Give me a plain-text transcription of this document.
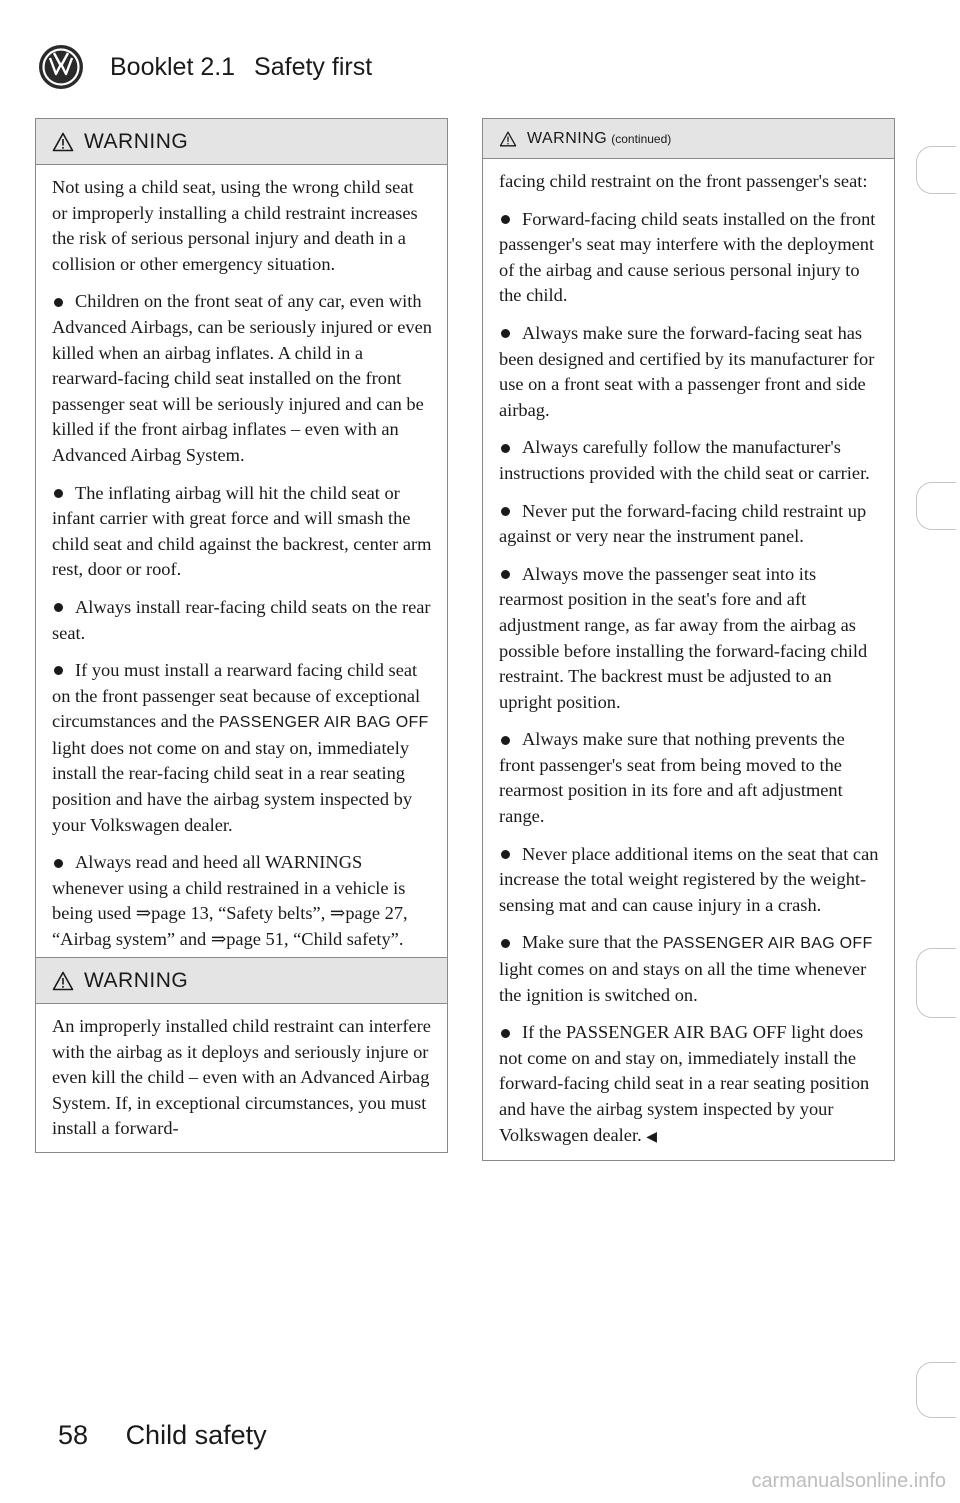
Booklet 2.1 Safety first
WARNING

Not using a child seat, using the wrong child seat or improperly installing a child restraint increases the risk of serious personal injury and death in a collision or other emergency situation.

Children on the front seat of any car, even with Advanced Airbags, can be seriously injured or even killed when an airbag inflates. A child in a rearward-facing child seat installed on the front passenger seat will be seriously injured and can be killed if the front airbag inflates – even with an Advanced Airbag System.

The inflating airbag will hit the child seat or infant carrier with great force and will smash the child seat and child against the backrest, center arm rest, door or roof.

Always install rear-facing child seats on the rear seat.

If you must install a rearward facing child seat on the front passenger seat because of exceptional circumstances and the PASSENGER AIR BAG OFF light does not come on and stay on, immediately install the rear-facing child seat in a rear seating position and have the airbag system inspected by your Volkswagen dealer.

Always read and heed all WARNINGS whenever using a child restrained in a vehicle is being used ⇒page 13, “Safety belts”, ⇒page 27, “Airbag system” and ⇒page 51, “Child safety”.

WARNING

An improperly installed child restraint can interfere with the airbag as it deploys and seriously injure or even kill the child – even with an Advanced Airbag System. If, in exceptional circumstances, you must install a forward-

WARNING (continued)

facing child restraint on the front passenger's seat:

Forward-facing child seats installed on the front passenger's seat may interfere with the deployment of the airbag and cause serious personal injury to the child.

Always make sure the forward-facing seat has been designed and certified by its manufacturer for use on a front seat with a passenger front and side airbag.

Always carefully follow the manufacturer's instructions provided with the child seat or carrier.

Never put the forward-facing child restraint up against or very near the instrument panel.

Always move the passenger seat into its rearmost position in the seat's fore and aft adjustment range, as far away from the airbag as possible before installing the forward-facing child restraint. The backrest must be adjusted to an upright position.

Always make sure that nothing prevents the front passenger's seat from being moved to the rearmost position in its fore and aft adjustment range.

Never place additional items on the seat that can increase the total weight registered by the weight-sensing mat and can cause injury in a crash.

Make sure that the PASSENGER AIR BAG OFF light comes on and stays on all the time whenever the ignition is switched on.

If the PASSENGER AIR BAG OFF light does not come on and stay on, immediately install the forward-facing child seat in a rear seating position and have the airbag system inspected by your Volkswagen dealer. ◀

58 Child safety
carmanualsonline.info
